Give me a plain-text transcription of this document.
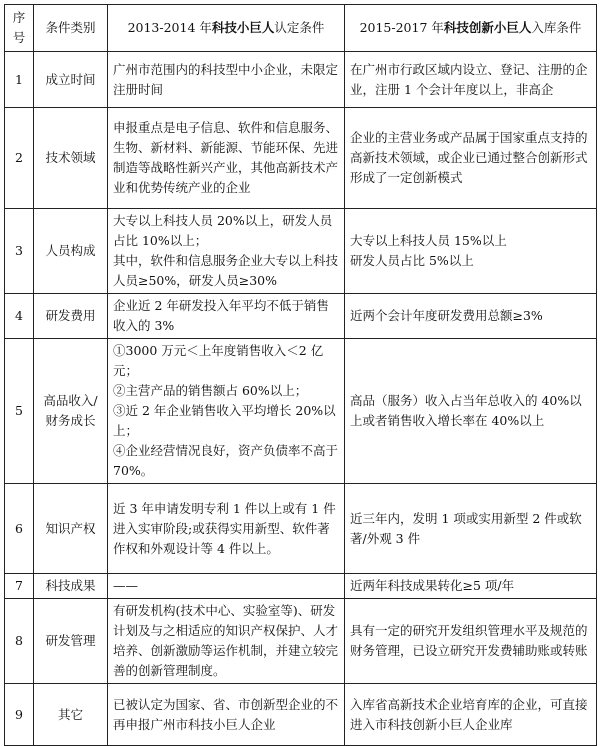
序号	条件类别	2013-2014 年科技小巨人认定条件	2015-2017 年科技创新小巨人入库条件
1	成立时间	广州市范围内的科技型中小企业，未限定注册时间	在广州市行政区域内设立、登记、注册的企业，注册 1 个会计年度以上，非高企

2	技术领域	申报重点是电子信息、软件和信息服务、生物、新材料、新能源、节能环保、先进制造等战略性新兴产业，其他高新技术产业和优势传统产业的企业	企业的主营业务或产品属于国家重点支持的高新技术领域，或企业已通过整合创新形式形成了一定创新模式

3	人员构成	大专以上科技人员 20%以上，研发人员占比 10%以上；
其中，软件和信息服务企业大专以上科技人员≥50%，研发人员≥30%	大专以上科技人员 15%以上
研发人员占比 5%以上

4	研发费用	企业近 2 年研发投入年平均不低于销售收入的 3%	近两个会计年度研发费用总额≥3%

5	高品收入/财务成长	①3000 万元＜上年度销售收入＜2 亿元；
②主营产品的销售额占 60%以上；
③近 2 年企业销售收入平均增长 20%以上；
④企业经营情况良好，资产负债率不高于 70%。	高品（服务）收入占当年总收入的 40%以上或者销售收入增长率在 40%以上

6	知识产权	近 3 年申请发明专利 1 件以上或有 1 件进入实审阶段;或获得实用新型、软件著作权和外观设计等 4 件以上。	近三年内，发明 1 项或实用新型 2 件或软著/外观 3 件

7	科技成果	——	近两年科技成果转化≥5 项/年

8	研发管理	有研发机构(技术中心、实验室等)、研发计划及与之相适应的知识产权保护、人才培养、创新激励等运作机制，并建立较完善的创新管理制度。	具有一定的研究开发组织管理水平及规范的财务管理，已设立研究开发费辅助账或转账

9	其它	已被认定为国家、省、市创新型企业的不再申报广州市科技小巨人企业	入库省高新技术企业培育库的企业，可直接进入市科技创新小巨人企业库
